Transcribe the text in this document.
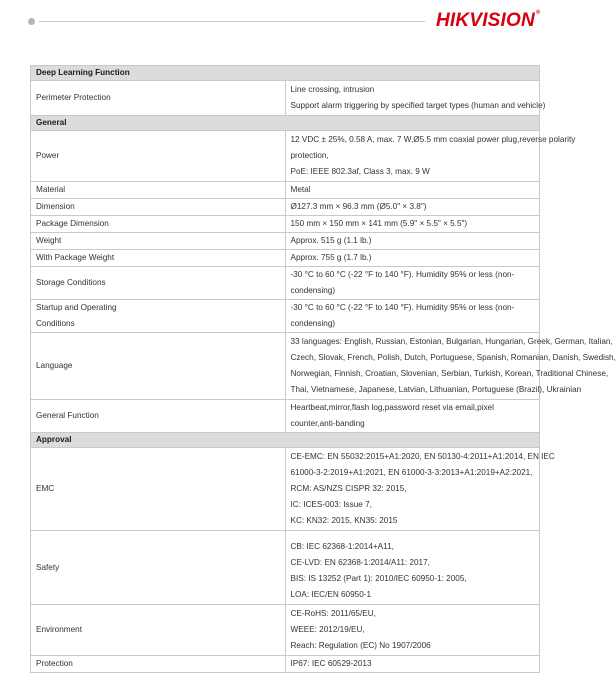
HIKVISION®
Deep Learning Function	
Perimeter Protection	Line crossing, intrusion
Support alarm triggering by specified target types (human and vehicle)

General	
Power	12 VDC ± 25%, 0.58 A, max. 7 W,Ø5.5 mm coaxial power plug,reverse polarity
protection,
PoE: IEEE 802.3af, Class 3, max. 9 W

Material	Metal
Dimension	Ø127.3 mm × 96.3 mm (Ø5.0" × 3.8")
Package Dimension	150 mm × 150 mm × 141 mm (5.9" × 5.5" × 5.5")
Weight	Approx. 515 g (1.1 lb.)
With Package Weight	Approx. 755 g (1.7 lb.)
Storage Conditions	-30 °C to 60 °C (-22 °F to 140 °F). Humidity 95% or less (non-condensing)

Startup and Operating
Conditions	-30 °C to 60 °C (-22 °F to 140 °F). Humidity 95% or less (non-condensing)
Language	33 languages: English, Russian, Estonian, Bulgarian, Hungarian, Greek, German, Italian,
Czech, Slovak, French, Polish, Dutch, Portuguese, Spanish, Romanian, Danish, Swedish,
Norwegian, Finnish, Croatian, Slovenian, Serbian, Turkish, Korean, Traditional Chinese,
Thai, Vietnamese, Japanese, Latvian, Lithuanian, Portuguese (Brazil), Ukrainian

General Function	Heartbeat,mirror,flash log,password reset via email,pixel counter,anti-banding
Approval	
EMC	CE-EMC: EN 55032:2015+A1:2020, EN 50130-4:2011+A1:2014, EN IEC
61000-3-2:2019+A1:2021, EN 61000-3-3:2013+A1:2019+A2:2021,
RCM: AS/NZS CISPR 32: 2015,
IC: ICES-003: Issue 7,
KC: KN32: 2015, KN35: 2015

Safety	CB: IEC 62368-1:2014+A11,
CE-LVD: EN 62368-1:2014/A11: 2017,
BIS: IS 13252 (Part 1): 2010/IEC 60950-1: 2005,
LOA: IEC/EN 60950-1

Environment	CE-RoHS: 2011/65/EU,
WEEE: 2012/19/EU,
Reach: Regulation (EC) No 1907/2006

Protection	IP67: IEC 60529-2013
